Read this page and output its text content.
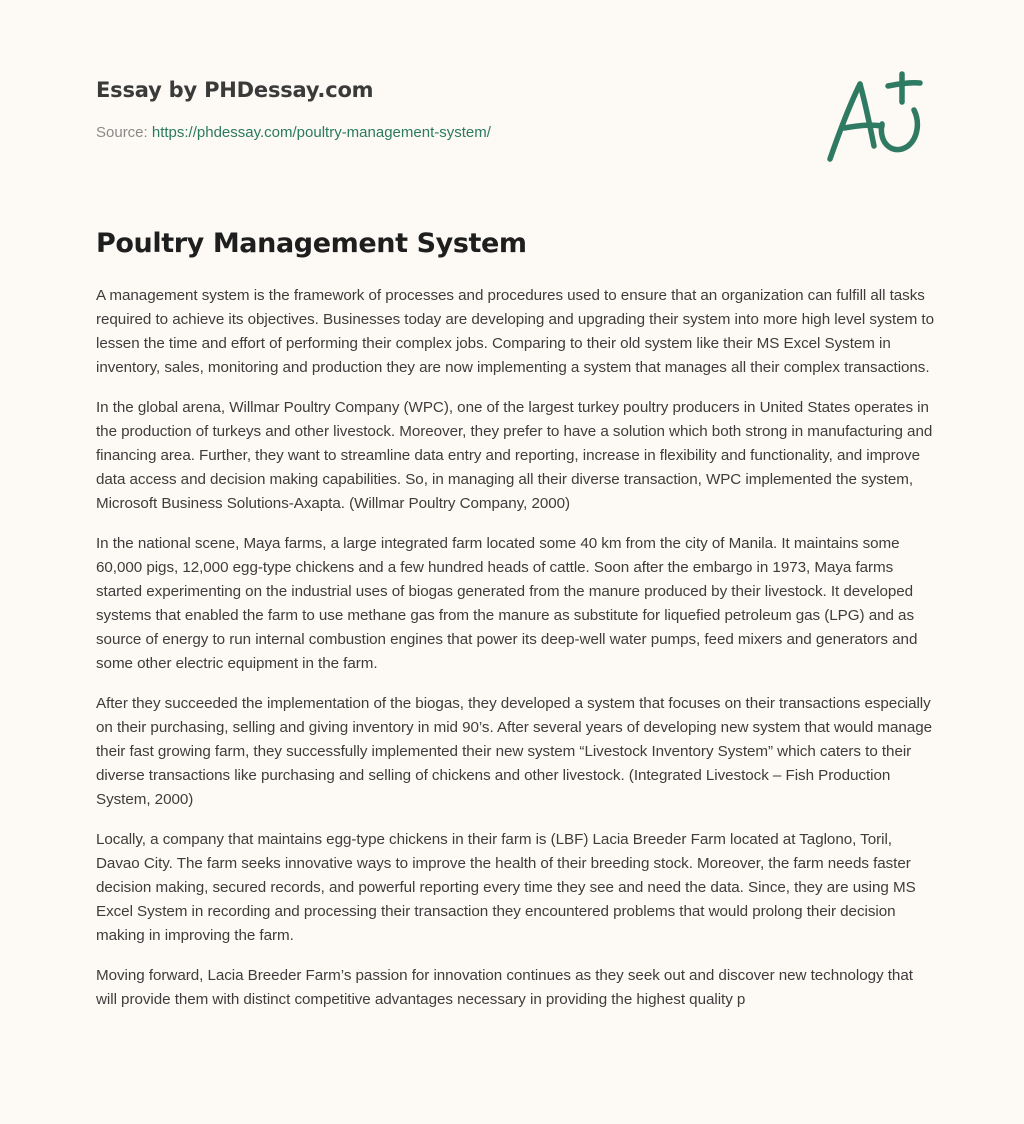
Essay by PHDessay.com
Source: https://phdessay.com/poultry-management-system/
Poultry Management System

A management system is the framework of processes and procedures used to ensure that an organization can fulfill all tasks required to achieve its objectives. Businesses today are developing and upgrading their system into more high level system to lessen the time and effort of performing their complex jobs. Comparing to their old system like their MS Excel System in inventory, sales, monitoring and production they are now implementing a system that manages all their complex transactions.

In the global arena, Willmar Poultry Company (WPC), one of the largest turkey poultry producers in United States operates in the production of turkeys and other livestock. Moreover, they prefer to have a solution which both strong in manufacturing and financing area. Further, they want to streamline data entry and reporting, increase in flexibility and functionality, and improve data access and decision making capabilities. So, in managing all their diverse transaction, WPC implemented the system, Microsoft Business Solutions-Axapta. (Willmar Poultry Company, 2000)

In the national scene, Maya farms, a large integrated farm located some 40 km from the city of Manila. It maintains some 60,000 pigs, 12,000 egg-type chickens and a few hundred heads of cattle. Soon after the embargo in 1973, Maya farms started experimenting on the industrial uses of biogas generated from the manure produced by their livestock. It developed systems that enabled the farm to use methane gas from the manure as substitute for liquefied petroleum gas (LPG) and as source of energy to run internal combustion engines that power its deep-well water pumps, feed mixers and generators and some other electric equipment in the farm.

After they succeeded the implementation of the biogas, they developed a system that focuses on their transactions especially on their purchasing, selling and giving inventory in mid 90’s. After several years of developing new system that would manage their fast growing farm, they successfully implemented their new system “Livestock Inventory System” which caters to their diverse transactions like purchasing and selling of chickens and other livestock. (Integrated Livestock – Fish Production System, 2000)

Locally, a company that maintains egg-type chickens in their farm is (LBF) Lacia Breeder Farm located at Taglono, Toril, Davao City. The farm seeks innovative ways to improve the health of their breeding stock. Moreover, the farm needs faster decision making, secured records, and powerful reporting every time they see and need the data. Since, they are using MS Excel System in recording and processing their transaction they encountered problems that would prolong their decision making in improving the farm.

Moving forward, Lacia Breeder Farm’s passion for innovation continues as they seek out and discover new technology that will provide them with distinct competitive advantages necessary in providing the highest quality p
